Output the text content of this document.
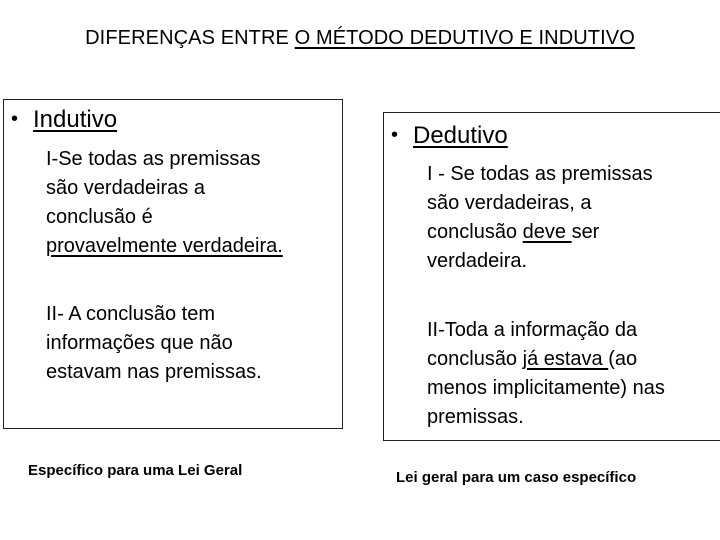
DIFERENÇAS ENTRE O MÉTODO DEDUTIVO E INDUTIVO
• Indutivo
I-Se todas as premissas
são verdadeiras a
conclusão é
provavelmente verdadeira.
II- A conclusão tem
informações que não
estavam nas premissas.
Específico para uma Lei Geral
• Dedutivo
I - Se todas as premissas
são verdadeiras, a
conclusão deve ser
verdadeira.
II-Toda a informação da
conclusão já estava (ao
menos implicitamente) nas
premissas.
Lei geral para um caso específico
